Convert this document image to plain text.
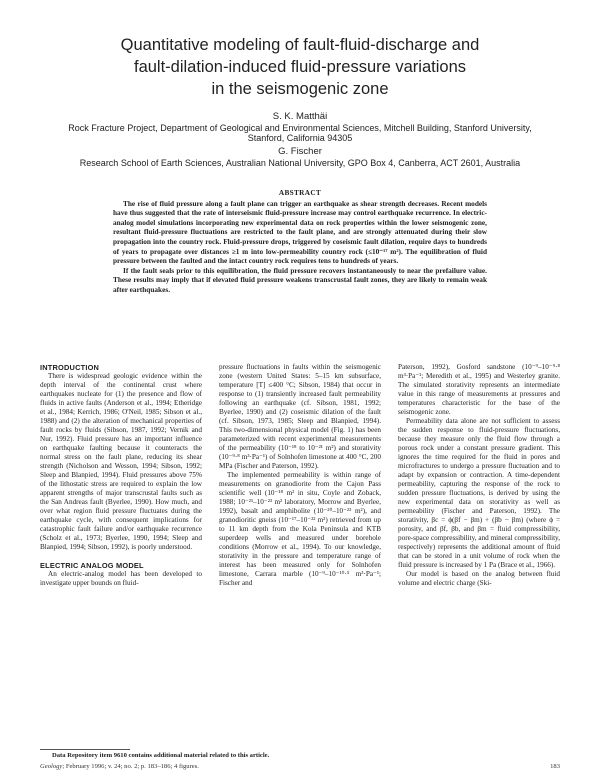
Quantitative modeling of fault-fluid-discharge and
fault-dilation-induced fluid-pressure variations
in the seismogenic zone
S. K. Matthäi
Rock Fracture Project, Department of Geological and Environmental Sciences, Mitchell Building, Stanford University,
Stanford, California 94305
G. Fischer
Research School of Earth Sciences, Australian National University, GPO Box 4, Canberra, ACT 2601, Australia
ABSTRACT

The rise of fluid pressure along a fault plane can trigger an earthquake as shear strength decreases. Recent models have thus suggested that the rate of interseismic fluid-pressure increase may control earthquake recurrence. In electric-analog model simulations incorporating new experimental data on rock properties within the lower seismogenic zone, resultant fluid-pressure fluctuations are restricted to the fault plane, and are strongly attenuated during their slow propagation into the country rock. Fluid-pressure drops, triggered by coseismic fault dilation, require days to hundreds of years to propagate over distances ≥1 m into low-permeability country rock (≤10⁻¹⁷ m²). The equilibration of fluid pressure between the faulted and the intact country rock requires tens to hundreds of years.

If the fault seals prior to this equilibration, the fluid pressure recovers instantaneously to near the prefailure value. These results may imply that if elevated fluid pressure weakens transcrustal fault zones, they are likely to remain weak after earthquakes.

INTRODUCTION

There is widespread geologic evidence within the depth interval of the continental crust where earthquakes nucleate for (1) the presence and flow of fluids in active faults (Anderson et al., 1994; Etheridge et al., 1984; Kerrich, 1986; O'Neil, 1985; Sibson et al., 1988) and (2) the alteration of mechanical properties of fault rocks by fluids (Sibson, 1987, 1992; Vernik and Nur, 1992). Fluid pressure has an important influence on earthquake faulting because it counteracts the normal stress on the fault plane, reducing its shear strength (Nicholson and Wesson, 1994; Sibson, 1992; Sleep and Blanpied, 1994). Fluid pressures above 75% of the lithostatic stress are required to explain the low apparent strengths of major transcrustal faults such as the San Andreas fault (Byerlee, 1990). How much, and over what region fluid pressure fluctuates during the earthquake cycle, with consequent implications for catastrophic fault failure and/or earthquake recurrence (Scholz et al., 1973; Byerlee, 1990, 1994; Sleep and Blanpied, 1994; Sibson, 1992), is poorly understood.

ELECTRIC ANALOG MODEL

An electric-analog model has been developed to investigate upper bounds on fluid-

pressure fluctuations in faults within the seismogenic zone (western United States: 5–15 km subsurface, temperature [T] ≤400 °C; Sibson, 1984) that occur in response to (1) transiently increased fault permeability following an earthquake (cf. Sibson, 1981, 1992; Byerlee, 1990) and (2) coseismic dilation of the fault (cf. Sibson, 1973, 1985; Sleep and Blanpied, 1994). This two-dimensional physical model (Fig. 1) has been parameterized with recent experimental measurements of the permeability (10⁻¹⁸ to 10⁻²¹ m²) and storativity (10⁻⁹·⁸ m³·Pa⁻¹) of Solnhofen limestone at 400 °C, 200 MPa (Fischer and Paterson, 1992).

The implemented permeability is within range of measurements on granodiorite from the Cajon Pass scientific well (10⁻¹⁸ m² in situ, Coyle and Zoback, 1988; 10⁻²¹–10⁻²³ m² laboratory, Morrow and Byerlee, 1992), basalt and amphibolite (10⁻²⁰–10⁻²³ m²), and granodioritic gneiss (10⁻¹⁷–10⁻²² m²) retrieved from up to 11 km depth from the Kola Peninsula and KTB superdeep wells and measured under borehole conditions (Morrow et al., 1994). To our knowledge, storativity in the pressure and temperature range of interest has been measured only for Solnhofen limestone, Carrara marble (10⁻⁹–10⁻¹⁰·⁵ m³·Pa⁻¹; Fischer and

Paterson, 1992), Gosford sandstone (10⁻⁹–10⁻⁹·⁸ m³·Pa⁻¹; Meredith et al., 1995) and Westerley granite. The simulated storativity represents an intermediate value in this range of measurements at pressures and temperatures characteristic for the base of the seismogenic zone.

Permeability data alone are not sufficient to assess the sudden response to fluid-pressure fluctuations, because they measure only the fluid flow through a porous rock under a constant pressure gradient. This ignores the time required for the fluid in pores and microfractures to undergo a pressure fluctuation and to adapt by expansion or contraction. A time-dependent permeability, capturing the response of the rock to sudden pressure fluctuations, is derived by using the new experimental data on storativity as well as permeability (Fischer and Paterson, 1992). The storativity, βc = ϕ(βf − βm) + (βb − βm) (where ϕ = porosity, and βf, βb, and βm = fluid compressibility, pore-space compressibility, and mineral compressibility, respectively) represents the additional amount of fluid that can be stored in a unit volume of rock when the fluid pressure is increased by 1 Pa (Brace et al., 1966).

Our model is based on the analog between fluid volume and electric charge (Ski-

Data Repository item 9610 contains additional material related to this article.
Geology; February 1996; v. 24; no. 2; p. 183–186; 4 figures.	183
